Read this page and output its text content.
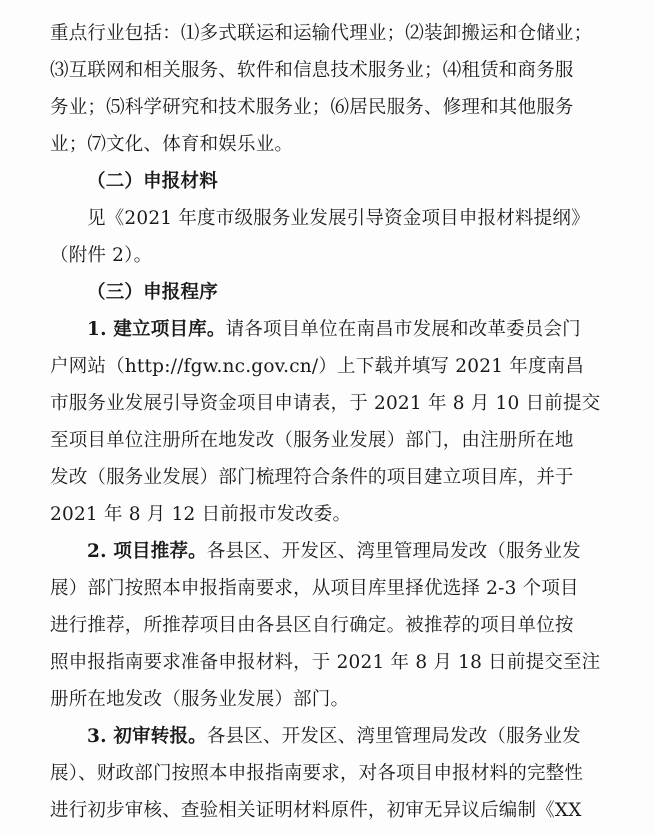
重点行业包括：⑴多式联运和运输代理业；⑵装卸搬运和仓储业；
⑶互联网和相关服务、软件和信息技术服务业；⑷租赁和商务服
务业；⑸科学研究和技术服务业；⑹居民服务、修理和其他服务
业；⑺文化、体育和娱乐业。
（二）申报材料
见《2021 年度市级服务业发展引导资金项目申报材料提纲》
（附件 2）。
（三）申报程序
1. 建立项目库。请各项目单位在南昌市发展和改革委员会门
户网站（http://fgw.nc.gov.cn/）上下载并填写 2021 年度南昌
市服务业发展引导资金项目申请表，于 2021 年 8 月 10 日前提交
至项目单位注册所在地发改（服务业发展）部门，由注册所在地
发改（服务业发展）部门梳理符合条件的项目建立项目库，并于
2021 年 8 月 12 日前报市发改委。
2. 项目推荐。各县区、开发区、湾里管理局发改（服务业发
展）部门按照本申报指南要求，从项目库里择优选择 2-3 个项目
进行推荐，所推荐项目由各县区自行确定。被推荐的项目单位按
照申报指南要求准备申报材料，于 2021 年 8 月 18 日前提交至注
册所在地发改（服务业发展）部门。
3. 初审转报。各县区、开发区、湾里管理局发改（服务业发
展）、财政部门按照本申报指南要求，对各项目申报材料的完整性
进行初步审核、查验相关证明材料原件，初审无异议后编制《XX
